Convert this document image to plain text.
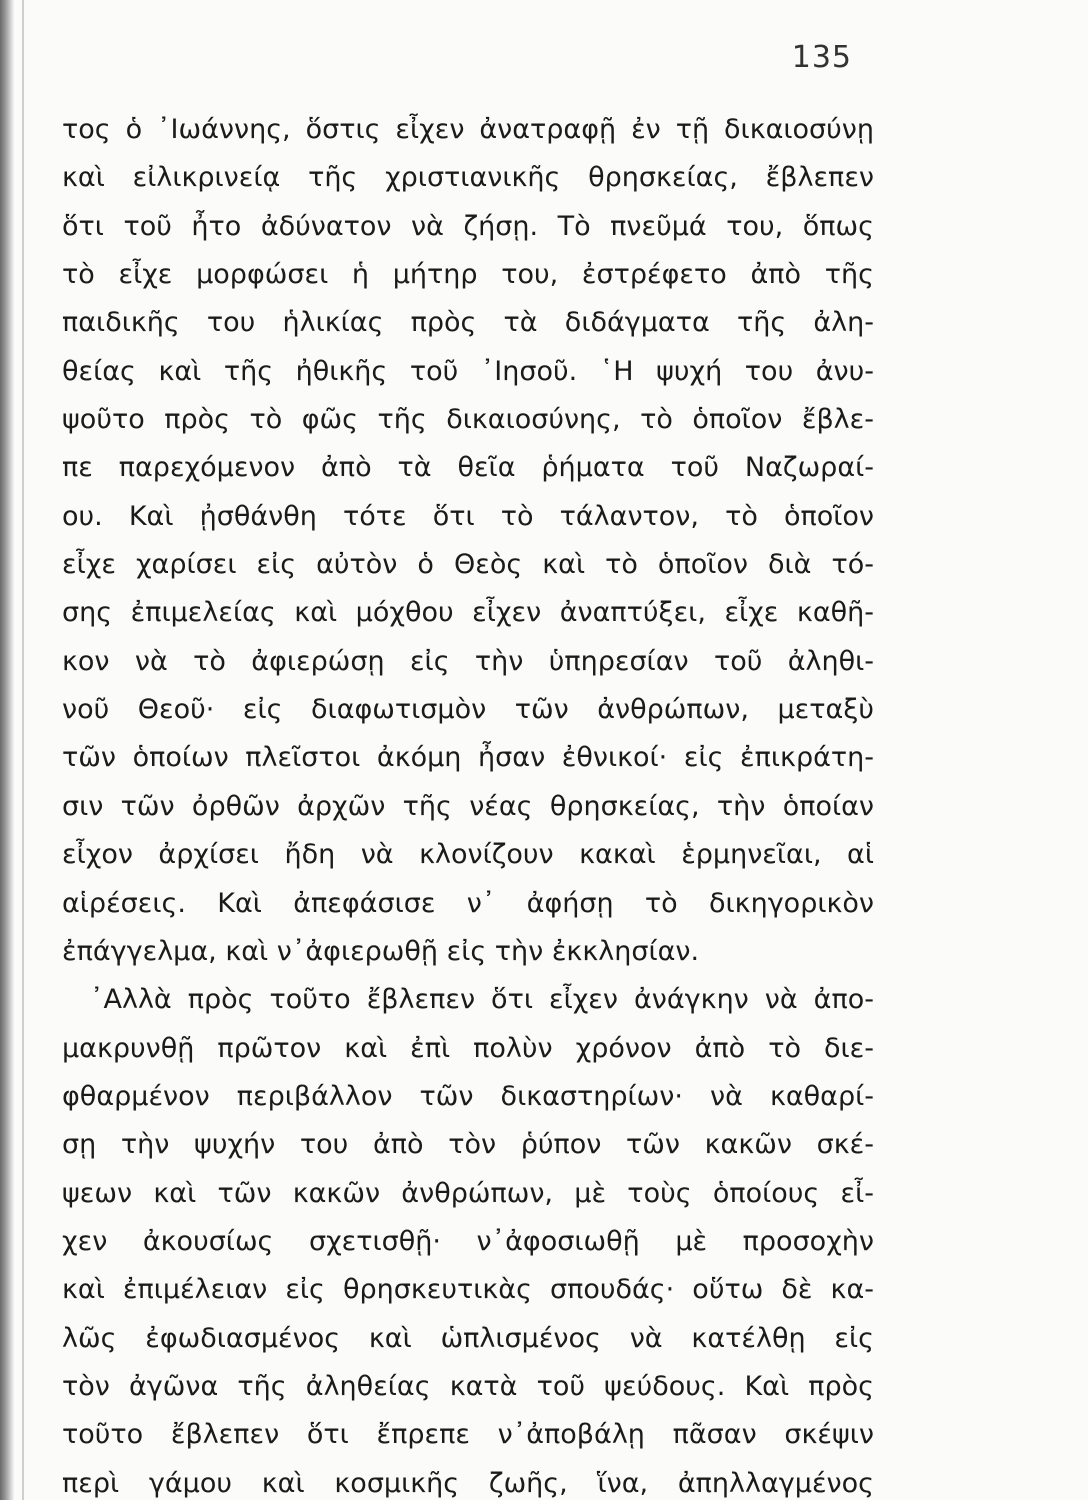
135
τος ὁ ᾿Ιωάννης, ὅστις εἶχεν ἀνατραφῇ ἐν τῇ δικαιοσύνῃ
καὶ εἰλικρινείᾳ τῆς χριστιανικῆς θρησκείας, ἔβλεπεν
ὅτι τοῦ ἦτο ἀδύνατον νὰ ζήσῃ. Τὸ πνεῦμά του, ὅπως
τὸ εἶχε μορφώσει ἡ μήτηρ του, ἐστρέφετο ἀπὸ τῆς
παιδικῆς του ἡλικίας πρὸς τὰ διδάγματα τῆς ἀλη-
θείας καὶ τῆς ἠθικῆς τοῦ ᾿Ιησοῦ. ῾Η ψυχή του ἀνυ-
ψοῦτο πρὸς τὸ φῶς τῆς δικαιοσύνης, τὸ ὁποῖον ἔβλε-
πε παρεχόμενον ἀπὸ τὰ θεῖα ῥήματα τοῦ Ναζωραί-
ου. Καὶ ᾐσθάνθη τότε ὅτι τὸ τάλαντον, τὸ ὁποῖον
εἶχε χαρίσει εἰς αὐτὸν ὁ Θεὸς καὶ τὸ ὁποῖον διὰ τό-
σης ἐπιμελείας καὶ μόχθου εἶχεν ἀναπτύξει, εἶχε καθῆ-
κον νὰ τὸ ἀφιερώσῃ εἰς τὴν ὑπηρεσίαν τοῦ ἀληθι-
νοῦ Θεοῦ· εἰς διαφωτισμὸν τῶν ἀνθρώπων, μεταξὺ
τῶν ὁποίων πλεῖστοι ἀκόμη ἦσαν ἐθνικοί· εἰς ἐπικράτη-
σιν τῶν ὀρθῶν ἀρχῶν τῆς νέας θρησκείας, τὴν ὁποίαν
εἶχον ἀρχίσει ἤδη νὰ κλονίζουν κακαὶ ἑρμηνεῖαι, αἱ
αἱρέσεις. Καὶ ἀπεφάσισε ν᾿ ἀφήσῃ τὸ δικηγορικὸν
ἐπάγγελμα, καὶ ν᾿ἀφιερωθῇ εἰς τὴν ἐκκλησίαν.
᾿Αλλὰ πρὸς τοῦτο ἔβλεπεν ὅτι εἶχεν ἀνάγκην νὰ ἀπο-
μακρυνθῇ πρῶτον καὶ ἐπὶ πολὺν χρόνον ἀπὸ τὸ διε-
φθαρμένον περιβάλλον τῶν δικαστηρίων· νὰ καθαρί-
σῃ τὴν ψυχήν του ἀπὸ τὸν ῥύπον τῶν κακῶν σκέ-
ψεων καὶ τῶν κακῶν ἀνθρώπων, μὲ τοὺς ὁποίους εἶ-
χεν ἀκουσίως σχετισθῇ· ν᾿ἀφοσιωθῇ μὲ προσοχὴν
καὶ ἐπιμέλειαν εἰς θρησκευτικὰς σπουδάς· οὕτω δὲ κα-
λῶς ἐφωδιασμένος καὶ ὡπλισμένος νὰ κατέλθῃ εἰς
τὸν ἀγῶνα τῆς ἀληθείας κατὰ τοῦ ψεύδους. Καὶ πρὸς
τοῦτο ἔβλεπεν ὅτι ἔπρεπε ν᾿ἀποβάλῃ πᾶσαν σκέψιν
περὶ γάμου καὶ κοσμικῆς ζωῆς, ἵνα, ἀπηλλαγμένος
